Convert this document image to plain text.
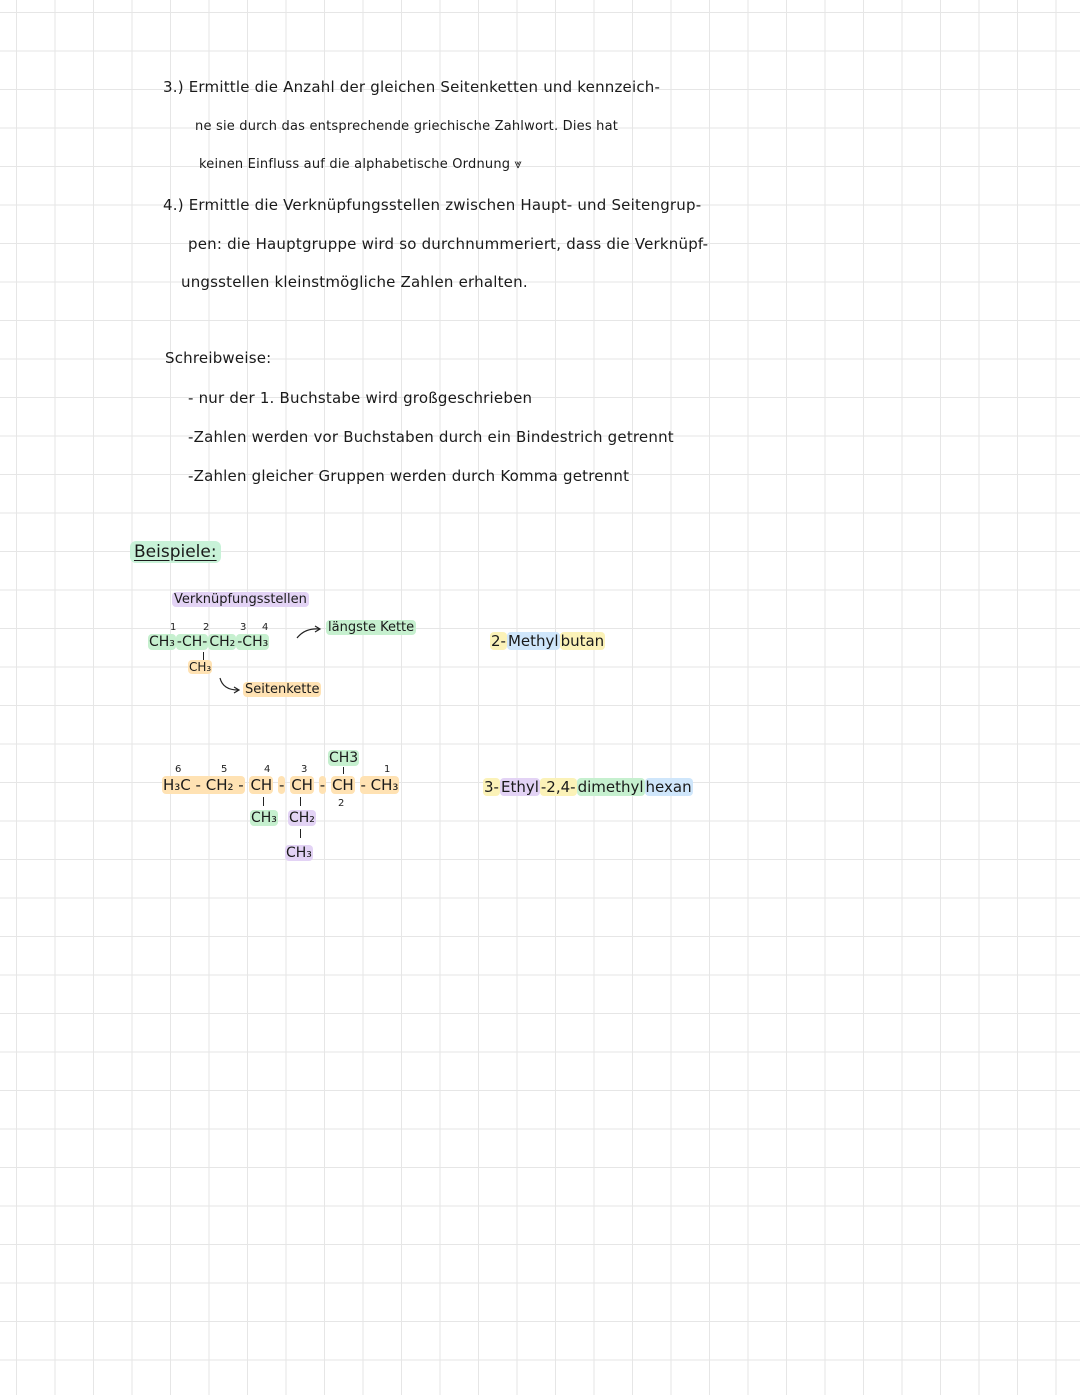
3.) Ermittle die Anzahl der gleichen Seitenketten und kennzeich-
ne sie durch das entsprechende griechische Zahlwort. Dies hat
keinen Einfluss auf die alphabetische Ordnung ⩔
4.) Ermittle die Verknüpfungsstellen zwischen Haupt- und Seitengrup-
pen: die Hauptgruppe wird so durchnummeriert, dass die Verknüpf-
ungsstellen kleinstmögliche Zahlen erhalten.
Schreibweise:
- nur der 1. Buchstabe wird großgeschrieben
-Zahlen werden vor Buchstaben durch ein Bindestrich getrennt
-Zahlen gleicher Gruppen werden durch Komma getrennt
Beispiele:
Verknüpfungsstellen
1	2	3 4
CH₃ -CH- CH₂ -CH₃
CH₃
längste Kette
Seitenkette
2- Methyl butan
6	5	4	3	1
CH3
H₃C - CH₂ - CH - CH - CH - CH₃
2
CH₃ CH₂
CH₃
3- Ethyl -2,4- dimethyl hexan
